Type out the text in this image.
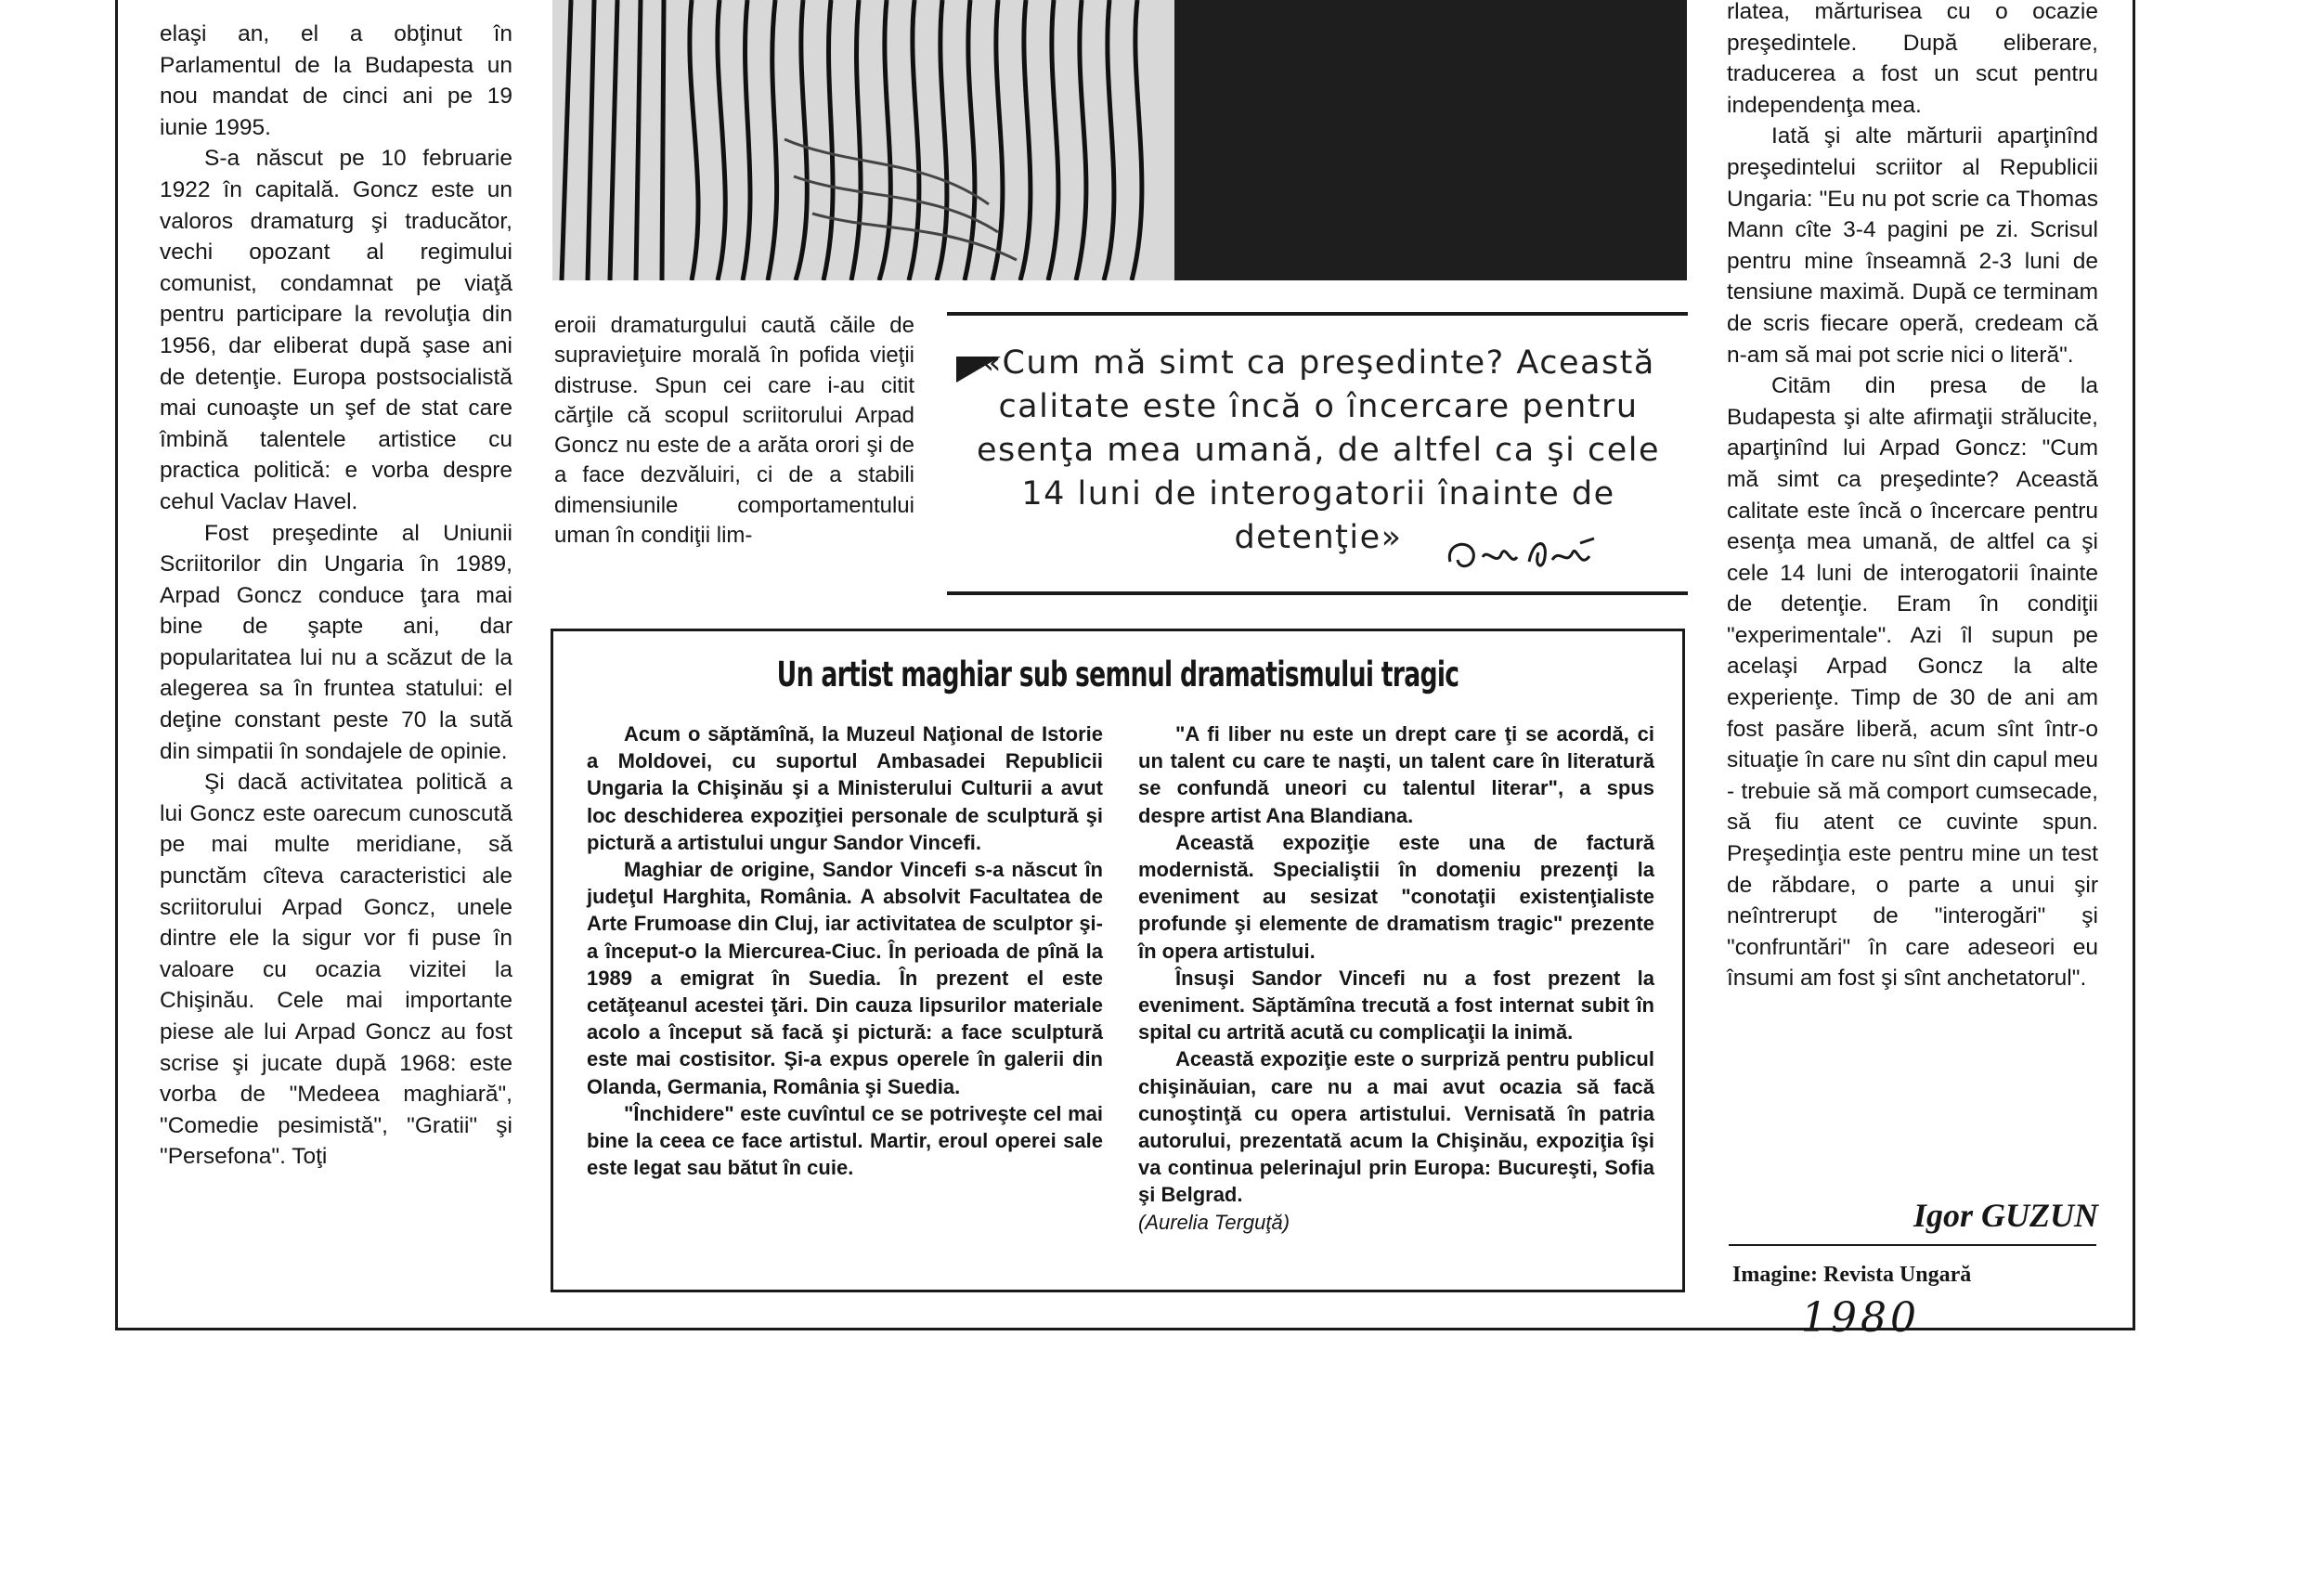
elaşi an, el a obţinut în Parlamentul de la Budapesta un nou mandat de cinci ani pe 19 iunie 1995.

S-a născut pe 10 februarie 1922 în capitală. Goncz este un valoros dramaturg şi traducător, vechi opozant al regimului comunist, condamnat pe viaţă pentru participare la revoluţia din 1956, dar eliberat după şase ani de detenţie. Europa postsocialistă mai cunoaşte un şef de stat care îmbină talentele artistice cu practica politică: e vorba despre cehul Vaclav Havel.

Fost preşedinte al Uniunii Scriitorilor din Ungaria în 1989, Arpad Goncz conduce ţara mai bine de şapte ani, dar popularitatea lui nu a scăzut de la alegerea sa în fruntea statului: el deţine constant peste 70 la sută din simpatii în sondajele de opinie.

Şi dacă activitatea politică a lui Goncz este oarecum cunoscută pe mai multe meridiane, să punctăm cîteva caracteristici ale scriitorului Arpad Goncz, unele dintre ele la sigur vor fi puse în valoare cu ocazia vizitei la Chişinău. Cele mai importante piese ale lui Arpad Goncz au fost scrise şi jucate după 1968: este vorba de "Medeea maghiară", "Comedie pesimistă", "Gratii" şi "Persefona". Toţi

eroii dramaturgului caută căile de supravieţuire morală în pofida vieţii distruse. Spun cei care i-au citit cărţile că scopul scriitorului Arpad Goncz nu este de a arăta orori şi de a face dezvăluiri, ci de a stabili dimensiunile comportamentului uman în condiţii lim-

«Cum mă simt ca preşedinte? Această calitate este încă o încercare pentru esenţa mea umană, de altfel ca şi cele 14 luni de interogatorii înainte de detenţie»

Un artist maghiar sub semnul dramatismului tragic

Acum o săptămînă, la Muzeul Naţional de Istorie a Moldovei, cu suportul Ambasadei Republicii Ungaria la Chişinău şi a Ministerului Culturii a avut loc deschiderea expoziţiei personale de sculptură şi pictură a artistului ungur Sandor Vincefi.

Maghiar de origine, Sandor Vincefi s-a născut în judeţul Harghita, România. A absolvit Facultatea de Arte Frumoase din Cluj, iar activitatea de sculptor şi-a început-o la Miercurea-Ciuc. În perioada de pînă la 1989 a emigrat în Suedia. În prezent el este cetăţeanul acestei ţări. Din cauza lipsurilor materiale acolo a început să facă şi pictură: a face sculptură este mai costisitor. Şi-a expus operele în galerii din Olanda, Germania, România şi Suedia.

"Închidere" este cuvîntul ce se potriveşte cel mai bine la ceea ce face artistul. Martir, eroul operei sale este legat sau bătut în cuie.

"A fi liber nu este un drept care ţi se acordă, ci un talent cu care te naşti, un talent care în literatură se confundă uneori cu talentul literar", a spus despre artist Ana Blandiana.

Această expoziţie este una de factură modernistă. Specialiştii în domeniu prezenţi la eveniment au sesizat "conotaţii existenţialiste profunde şi elemente de dramatism tragic" prezente în opera artistului.

Însuşi Sandor Vincefi nu a fost prezent la eveniment. Săptămîna trecută a fost internat subit în spital cu artrită acută cu complicaţii la inimă.

Această expoziţie este o surpriză pentru publicul chişinăuian, care nu a mai avut ocazia să facă cunoştinţă cu opera artistului. Vernisată în patria autorului, prezentată acum la Chişinău, expoziţia îşi va continua pelerinajul prin Europa: Bucureşti, Sofia şi Belgrad.

(Aurelia Terguţă)

rlatea, mărturisea cu o ocazie preşedintele. După eliberare, traducerea a fost un scut pentru independenţa mea.

Iată şi alte mărturii aparţinînd preşedintelui scriitor al Republicii Ungaria: "Eu nu pot scrie ca Thomas Mann cîte 3-4 pagini pe zi. Scrisul pentru mine înseamnă 2-3 luni de tensiune maximă. După ce terminam de scris fiecare operă, credeam că n-am să mai pot scrie nici o literă".

Citām din presa de la Budapesta şi alte afirmaţii strălucite, aparţinînd lui Arpad Goncz: "Cum mă simt ca preşedinte? Această calitate este încă o încercare pentru esenţa mea umană, de altfel ca şi cele 14 luni de interogatorii înainte de detenţie. Eram în condiţii "experimentale". Azi îl supun pe acelaşi Arpad Goncz la alte experienţe. Timp de 30 de ani am fost pasăre liberă, acum sînt într-o situaţie în care nu sînt din capul meu - trebuie să mă comport cumsecade, să fiu atent ce cuvinte spun. Preşedinţia este pentru mine un test de răbdare, o parte a unui şir neîntrerupt de "interogări" şi "confruntări" în care adeseori eu însumi am fost şi sînt anchetatorul".

Igor GUZUN

Imagine: Revista Ungară

1980
